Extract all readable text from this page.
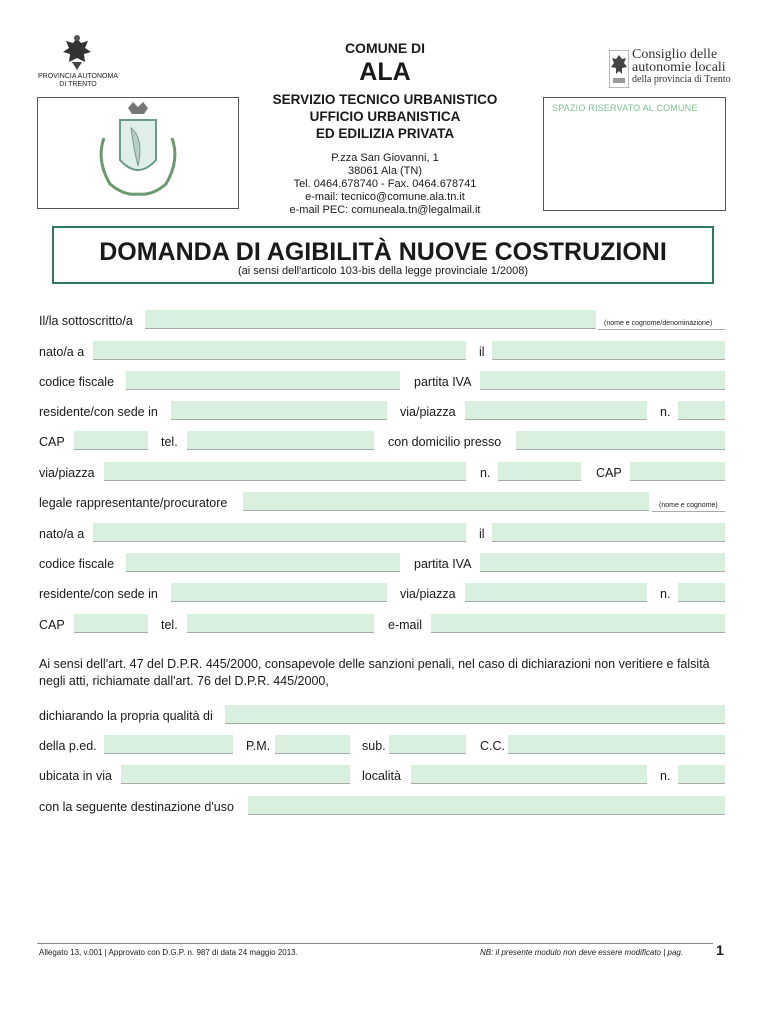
PROVINCIA AUTONOMA
DI TRENTO
COMUNE DI
ALA
SERVIZIO TECNICO URBANISTICO
UFFICIO URBANISTICA
ED EDILIZIA PRIVATA
P.zza San Giovanni, 1
38061 Ala (TN)
Tel. 0464.678740 - Fax. 0464.678741
e-mail: tecnico@comune.ala.tn.it
e-mail PEC: comuneala.tn@legalmail.it
Consiglio delle
autonomie locali
della provincia di Trento
SPAZIO RISERVATO AL COMUNE
DOMANDA DI AGIBILITÀ NUOVE COSTRUZIONI
(ai sensi dell'articolo 103-bis della legge provinciale 1/2008)
Il/la sottoscritto/a	(nome e cognome/denominazione)
nato/a a	il
codice fiscale	partita IVA
residente/con sede in	via/piazza	n.
CAP	tel.	con domicilio presso
via/piazza	n.	CAP
legale rappresentante/procuratore	(nome e cognome)
nato/a a	il
codice fiscale	partita IVA
residente/con sede in	via/piazza	n.
CAP	tel.	e-mail
Ai sensi dell'art. 47 del D.P.R. 445/2000, consapevole delle sanzioni penali, nel caso di dichiarazioni non veritiere e falsità negli atti, richiamate dall'art. 76 del D.P.R. 445/2000,
dichiarando la propria qualità di
della p.ed.	P.M.	sub.	C.C.
ubicata in via	località	n.
con la seguente destinazione d'uso
Allegato 13, v.001 | Approvato con D.G.P. n. 987 di data 24 maggio 2013.	NB: il presente modulo non deve essere modificato | pag. 1
